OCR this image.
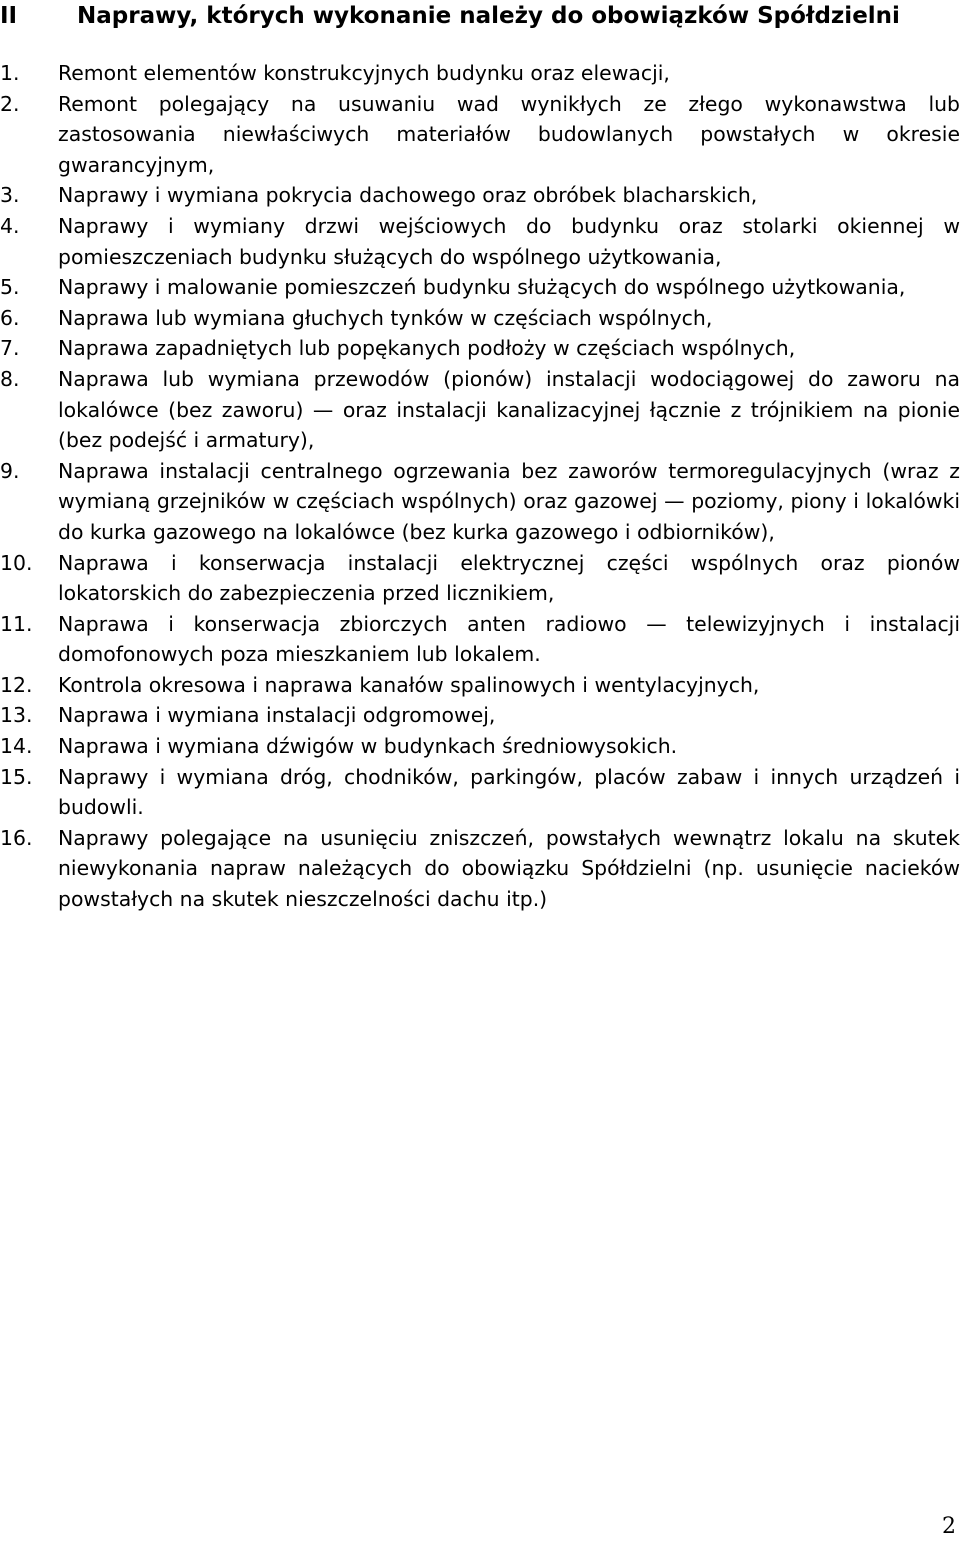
II	Naprawy, których wykonanie należy do obowiązków Spółdzielni
1. Remont elementów konstrukcyjnych budynku oraz elewacji,
2. Remont polegający na usuwaniu wad wynikłych ze złego wykonawstwa lub zastosowania niewłaściwych materiałów budowlanych powstałych w okresie gwarancyjnym,
3. Naprawy i wymiana pokrycia dachowego oraz obróbek blacharskich,
4. Naprawy i wymiany drzwi wejściowych do budynku oraz stolarki okiennej w pomieszczeniach budynku służących do wspólnego użytkowania,
5. Naprawy i malowanie pomieszczeń budynku służących do wspólnego użytkowania,
6. Naprawa lub wymiana głuchych tynków w częściach wspólnych,
7. Naprawa zapadniętych lub popękanych podłoży w częściach wspólnych,
8. Naprawa lub wymiana przewodów (pionów) instalacji wodociągowej do zaworu na lokalówce (bez zaworu) — oraz instalacji kanalizacyjnej łącznie z trójnikiem na pionie (bez podejść i armatury),
9. Naprawa instalacji centralnego ogrzewania bez zaworów termoregulacyjnych (wraz z wymianą grzejników w częściach wspólnych) oraz gazowej — poziomy, piony i lokalówki do kurka gazowego na lokalówce (bez kurka gazowego i odbiorników),
10. Naprawa i konserwacja instalacji elektrycznej części wspólnych oraz pionów lokatorskich do zabezpieczenia przed licznikiem,
11. Naprawa i konserwacja zbiorczych anten radiowo — telewizyjnych i instalacji domofonowych poza mieszkaniem lub lokalem.
12. Kontrola okresowa i naprawa kanałów spalinowych i wentylacyjnych,
13. Naprawa i wymiana instalacji odgromowej,
14. Naprawa i wymiana dźwigów w budynkach średniowysokich.
15. Naprawy i wymiana dróg, chodników, parkingów, placów zabaw i innych urządzeń i budowli.
16. Naprawy polegające na usunięciu zniszczeń, powstałych wewnątrz lokalu na skutek niewykonania napraw należących do obowiązku Spółdzielni (np. usunięcie nacieków powstałych na skutek nieszczelności dachu itp.)
2
